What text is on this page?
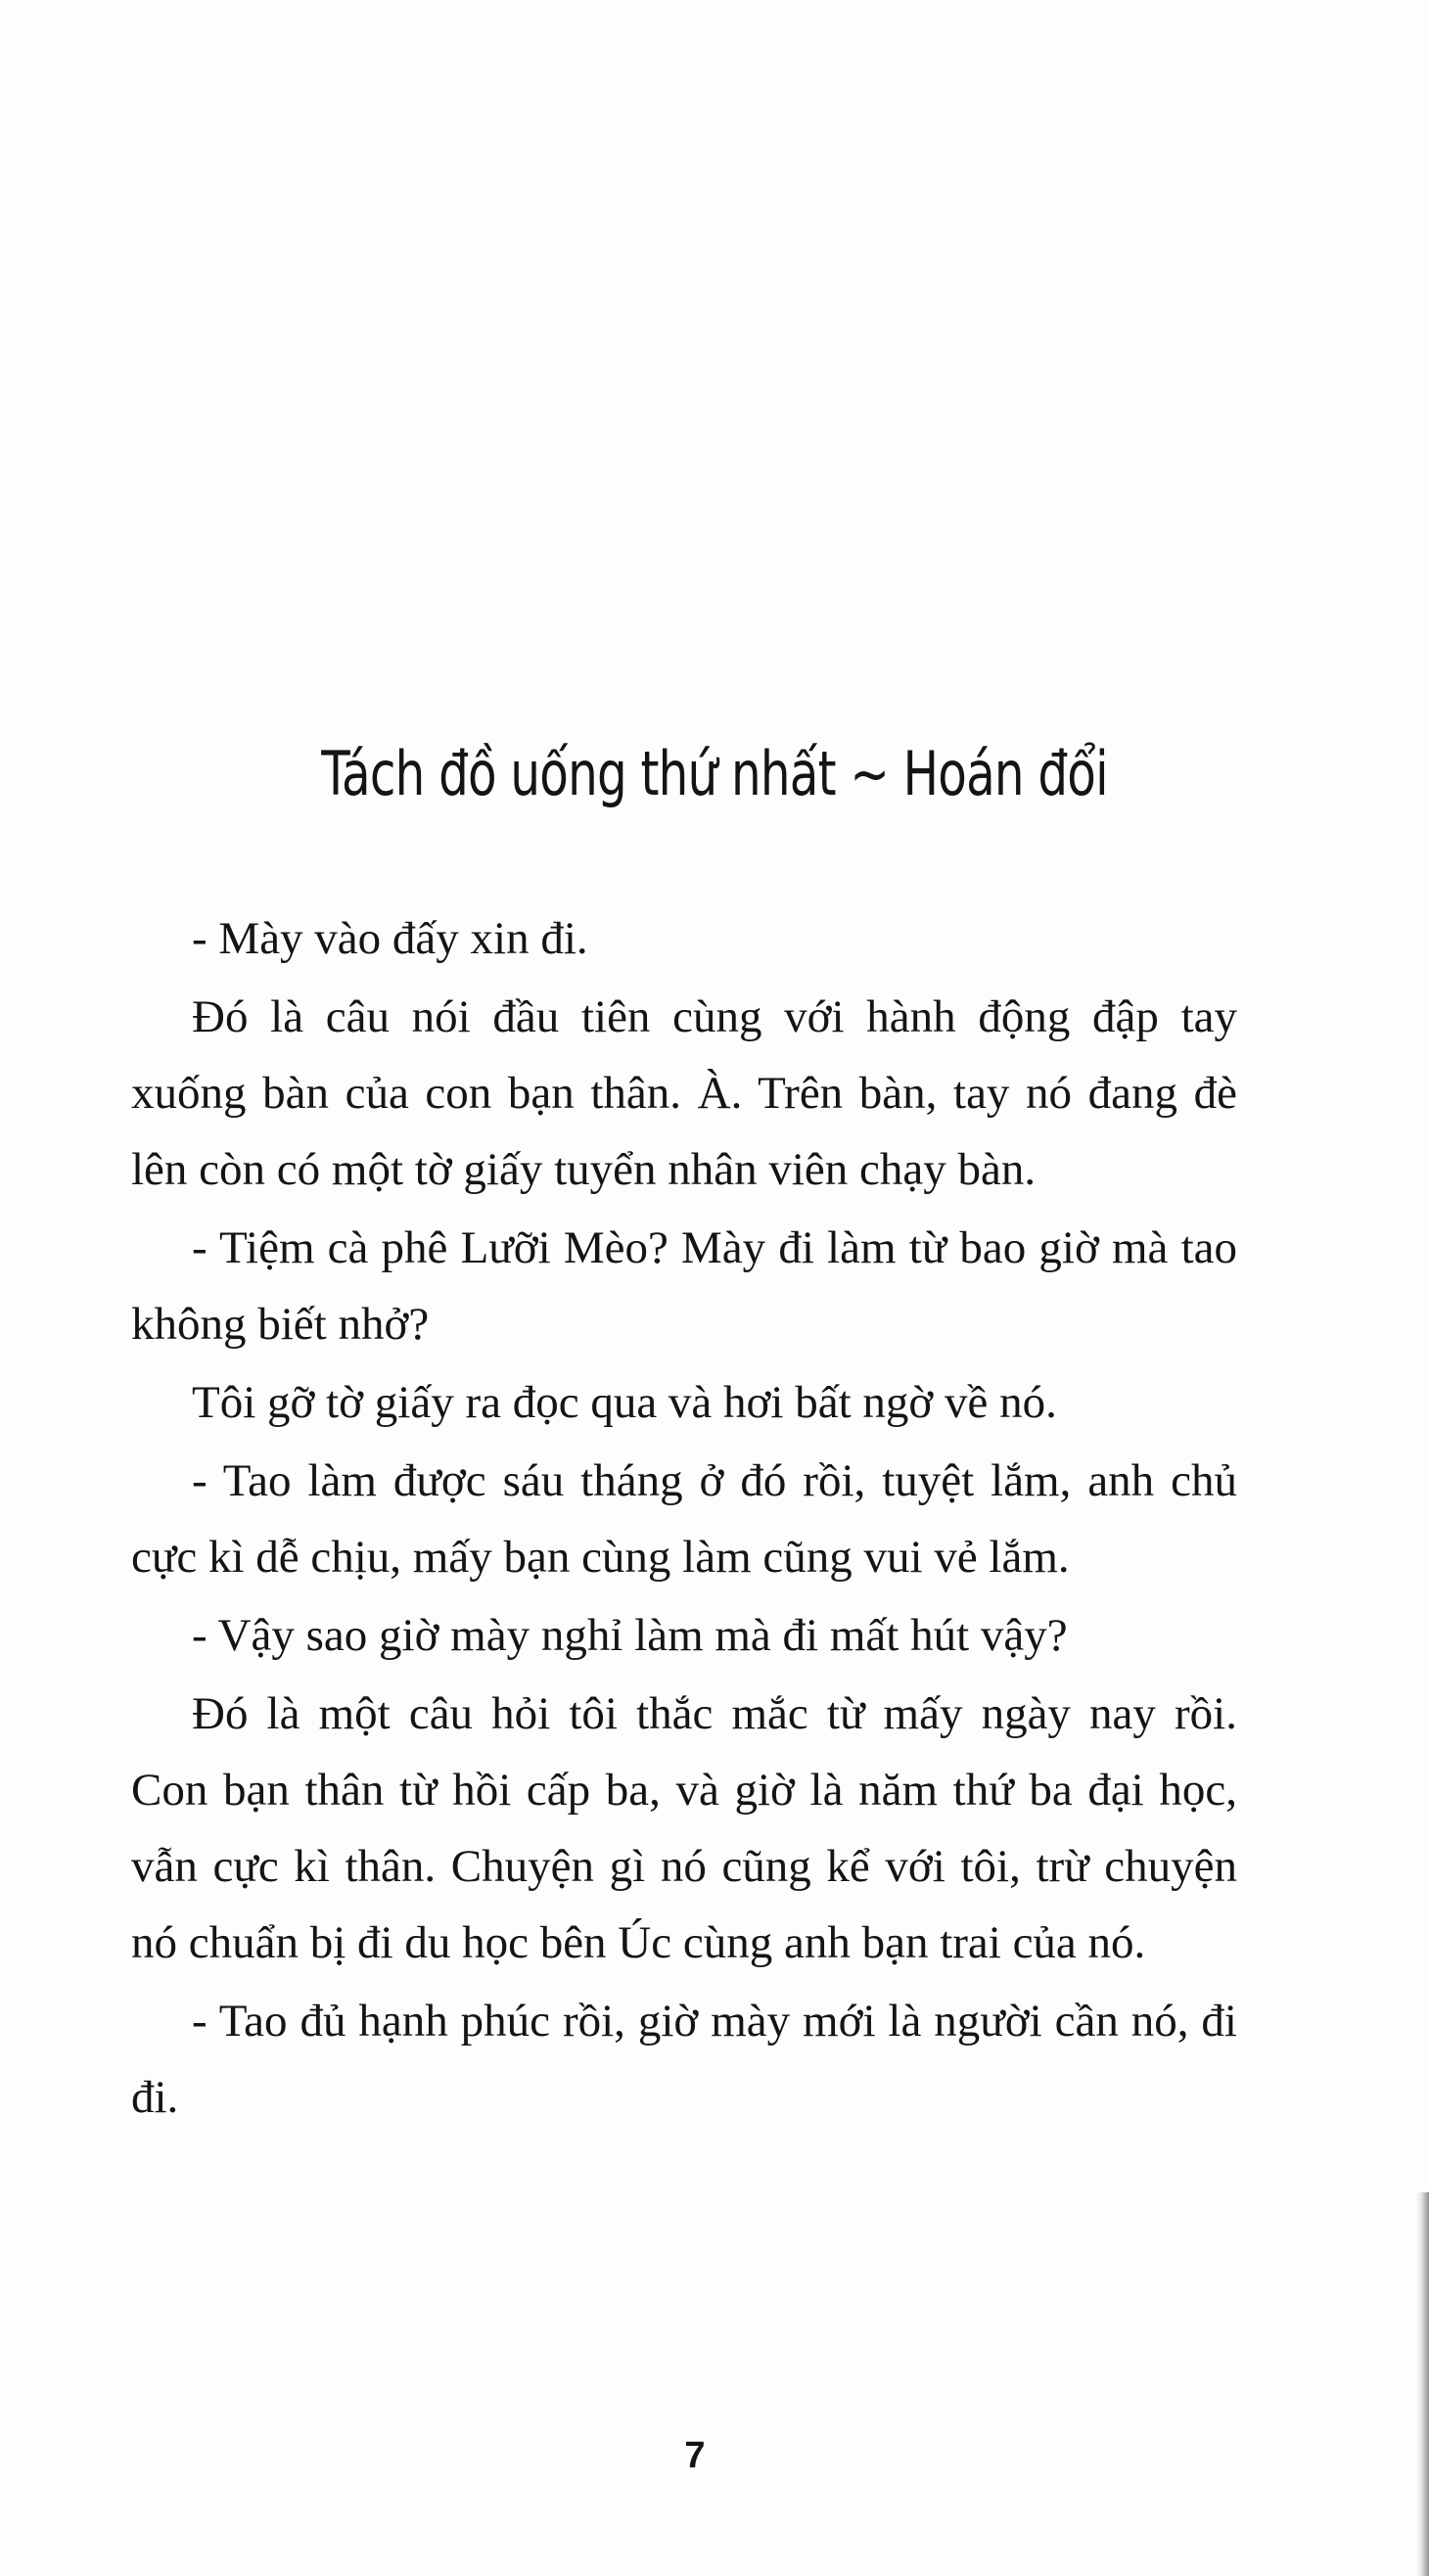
Tách đồ uống thứ nhất ~ Hoán đổi

- Mày vào đấy xin đi.

Đó là câu nói đầu tiên cùng với hành động đập tay xuống bàn của con bạn thân. À. Trên bàn, tay nó đang đè lên còn có một tờ giấy tuyển nhân viên chạy bàn.

- Tiệm cà phê Lưỡi Mèo? Mày đi làm từ bao giờ mà tao không biết nhở?

Tôi gỡ tờ giấy ra đọc qua và hơi bất ngờ về nó.

- Tao làm được sáu tháng ở đó rồi, tuyệt lắm, anh chủ cực kì dễ chịu, mấy bạn cùng làm cũng vui vẻ lắm.

- Vậy sao giờ mày nghỉ làm mà đi mất hút vậy?

Đó là một câu hỏi tôi thắc mắc từ mấy ngày nay rồi. Con bạn thân từ hồi cấp ba, và giờ là năm thứ ba đại học, vẫn cực kì thân. Chuyện gì nó cũng kể với tôi, trừ chuyện nó chuẩn bị đi du học bên Úc cùng anh bạn trai của nó.

- Tao đủ hạnh phúc rồi, giờ mày mới là người cần nó, đi đi.

7
